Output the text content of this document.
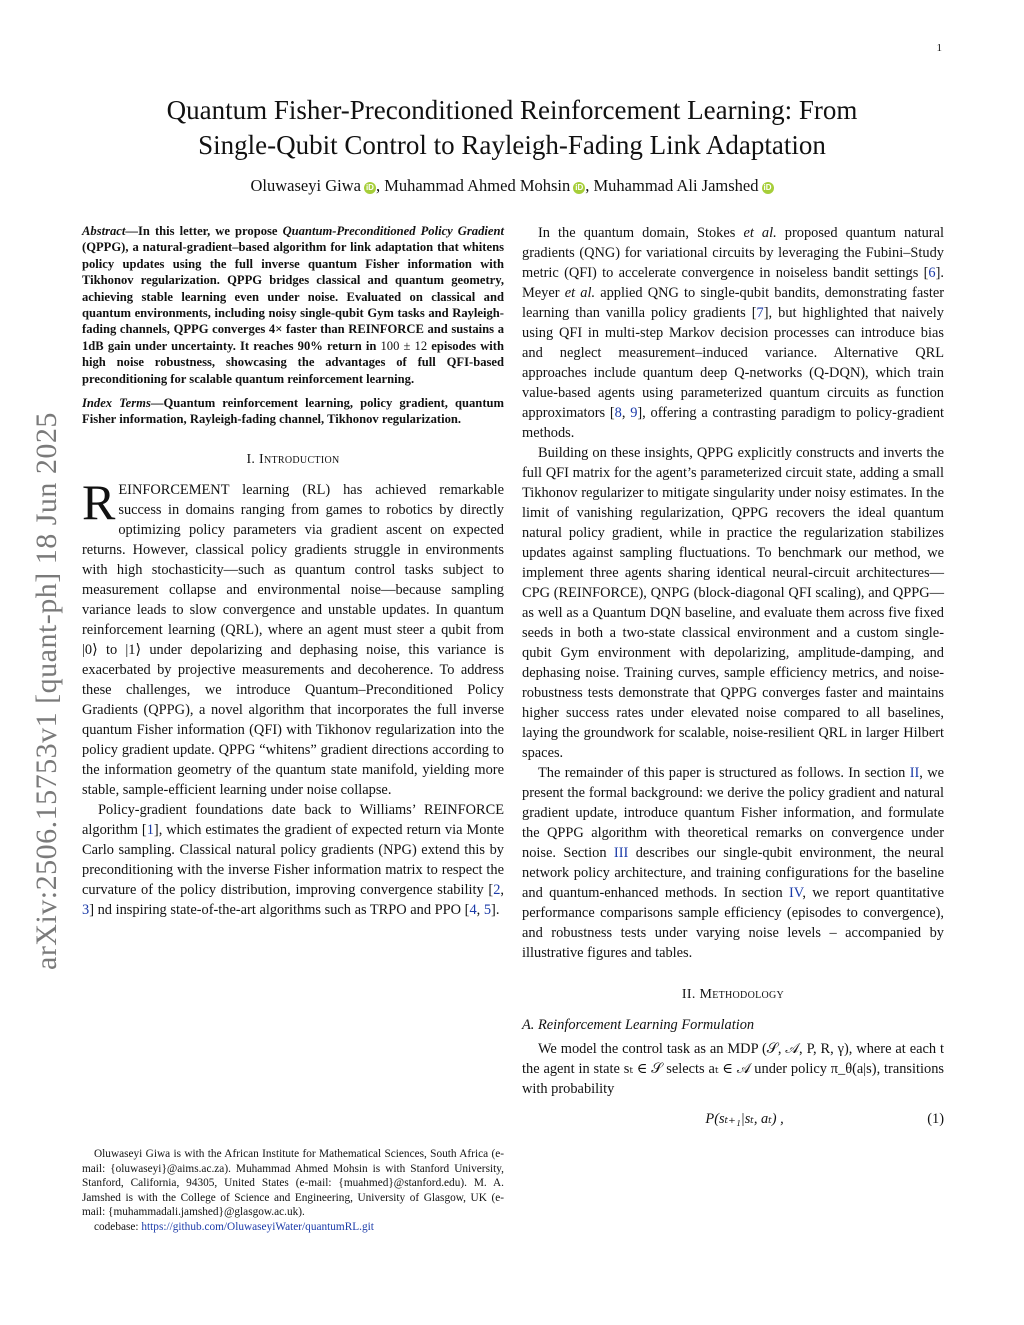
1
arXiv:2506.15753v1 [quant-ph] 18 Jun 2025
Quantum Fisher-Preconditioned Reinforcement Learning: From
Single-Qubit Control to Rayleigh-Fading Link Adaptation
Oluwaseyi Giwa iD , Muhammad Ahmed Mohsin iD , Muhammad Ali Jamshed iD
Abstract—In this letter, we propose Quantum-Preconditioned Policy Gradient (QPPG), a natural-gradient–based algorithm for link adaptation that whitens policy updates using the full inverse quantum Fisher information with Tikhonov regularization. QPPG bridges classical and quantum geometry, achieving stable learning even under noise. Evaluated on classical and quantum environments, including noisy single-qubit Gym tasks and Rayleigh-fading channels, QPPG converges 4× faster than REINFORCE and sustains a 1dB gain under uncertainty. It reaches 90% return in 100 ± 12 episodes with high noise robustness, showcasing the advantages of full QFI-based preconditioning for scalable quantum reinforcement learning.
Index Terms—Quantum reinforcement learning, policy gradient, quantum Fisher information, Rayleigh-fading channel, Tikhonov regularization.
I. Introduction

REINFORCEMENT learning (RL) has achieved remarkable success in domains ranging from games to robotics by directly optimizing policy parameters via gradient ascent on expected returns. However, classical policy gradients struggle in environments with high stochasticity—such as quantum control tasks subject to measurement collapse and environmental noise—because sampling variance leads to slow convergence and unstable updates. In quantum reinforcement learning (QRL), where an agent must steer a qubit from |0⟩ to |1⟩ under depolarizing and dephasing noise, this variance is exacerbated by projective measurements and decoherence. To address these challenges, we introduce Quantum–Preconditioned Policy Gradients (QPPG), a novel algorithm that incorporates the full inverse quantum Fisher information (QFI) with Tikhonov regularization into the policy gradient update. QPPG “whitens” gradient directions according to the information geometry of the quantum state manifold, yielding more stable, sample-efficient learning under noise collapse.

Policy-gradient foundations date back to Williams’ REINFORCE algorithm [1], which estimates the gradient of expected return via Monte Carlo sampling. Classical natural policy gradients (NPG) extend this by preconditioning with the inverse Fisher information matrix to respect the curvature of the policy distribution, improving convergence stability [2, 3] nd inspiring state-of-the-art algorithms such as TRPO and PPO [4, 5].

Oluwaseyi Giwa is with the African Institute for Mathematical Sciences, South Africa (e-mail: {oluwaseyi}@aims.ac.za). Muhammad Ahmed Mohsin is with Stanford University, Stanford, California, 94305, United States (e-mail: {muahmed}@stanford.edu). M. A. Jamshed is with the College of Science and Engineering, University of Glasgow, UK (e-mail: {muhammadali.jamshed}@glasgow.ac.uk).

codebase: https://github.com/OluwaseyiWater/quantumRL.git

In the quantum domain, Stokes et al. proposed quantum natural gradients (QNG) for variational circuits by leveraging the Fubini–Study metric (QFI) to accelerate convergence in noiseless bandit settings [6]. Meyer et al. applied QNG to single-qubit bandits, demonstrating faster learning than vanilla policy gradients [7], but highlighted that naively using QFI in multi-step Markov decision processes can introduce bias and neglect measurement–induced variance. Alternative QRL approaches include quantum deep Q-networks (Q-DQN), which train value-based agents using parameterized quantum circuits as function approximators [8, 9], offering a contrasting paradigm to policy-gradient methods.

Building on these insights, QPPG explicitly constructs and inverts the full QFI matrix for the agent’s parameterized circuit state, adding a small Tikhonov regularizer to mitigate singularity under noisy estimates. In the limit of vanishing regularization, QPPG recovers the ideal quantum natural policy gradient, while in practice the regularization stabilizes updates against sampling fluctuations. To benchmark our method, we implement three agents sharing identical neural-circuit architectures—CPG (REINFORCE), QNPG (block-diagonal QFI scaling), and QPPG—as well as a Quantum DQN baseline, and evaluate them across five fixed seeds in both a two-state classical environment and a custom single-qubit Gym environment with depolarizing, amplitude-damping, and dephasing noise. Training curves, sample efficiency metrics, and noise-robustness tests demonstrate that QPPG converges faster and maintains higher success rates under elevated noise compared to all baselines, laying the groundwork for scalable, noise-resilient QRL in larger Hilbert spaces.

The remainder of this paper is structured as follows. In section II, we present the formal background: we derive the policy gradient and natural gradient update, introduce quantum Fisher information, and formulate the QPPG algorithm with theoretical remarks on convergence under noise. Section III describes our single-qubit environment, the neural network policy architecture, and training configurations for the baseline and quantum-enhanced methods. In section IV, we report quantitative performance comparisons sample efficiency (episodes to convergence), and robustness tests under varying noise levels – accompanied by illustrative figures and tables.

II. Methodology
A. Reinforcement Learning Formulation

We model the control task as an MDP (𝒮, 𝒜, P, R, γ), where at each t the agent in state sₜ ∈ 𝒮 selects aₜ ∈ 𝒜 under policy π_θ(a|s), transitions with probability

P(sₜ₊₁|sₜ, aₜ) ,	(1)
